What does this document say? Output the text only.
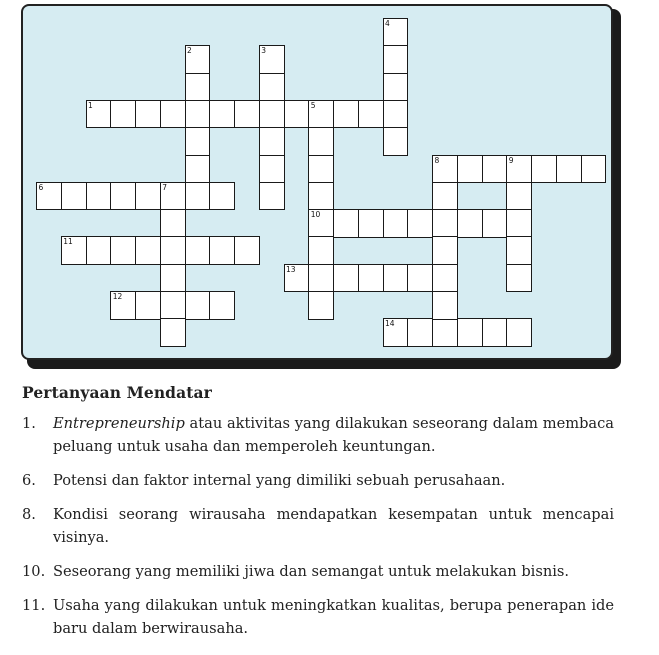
1
2	3
4
5
6	7
8	9
10
11
12
13
14
Pertanyaan Mendatar
1. Entrepreneurship atau aktivitas yang dilakukan seseorang dalam membaca peluang untuk usaha dan memperoleh keuntungan.
6. Potensi dan faktor internal yang dimiliki sebuah perusahaan.
8. Kondisi seorang wirausaha mendapatkan kesempatan untuk mencapai visinya.
10. Seseorang yang memiliki jiwa dan semangat untuk melakukan bisnis.
11. Usaha yang dilakukan untuk meningkatkan kualitas, berupa penerapan ide baru dalam berwirausaha.
